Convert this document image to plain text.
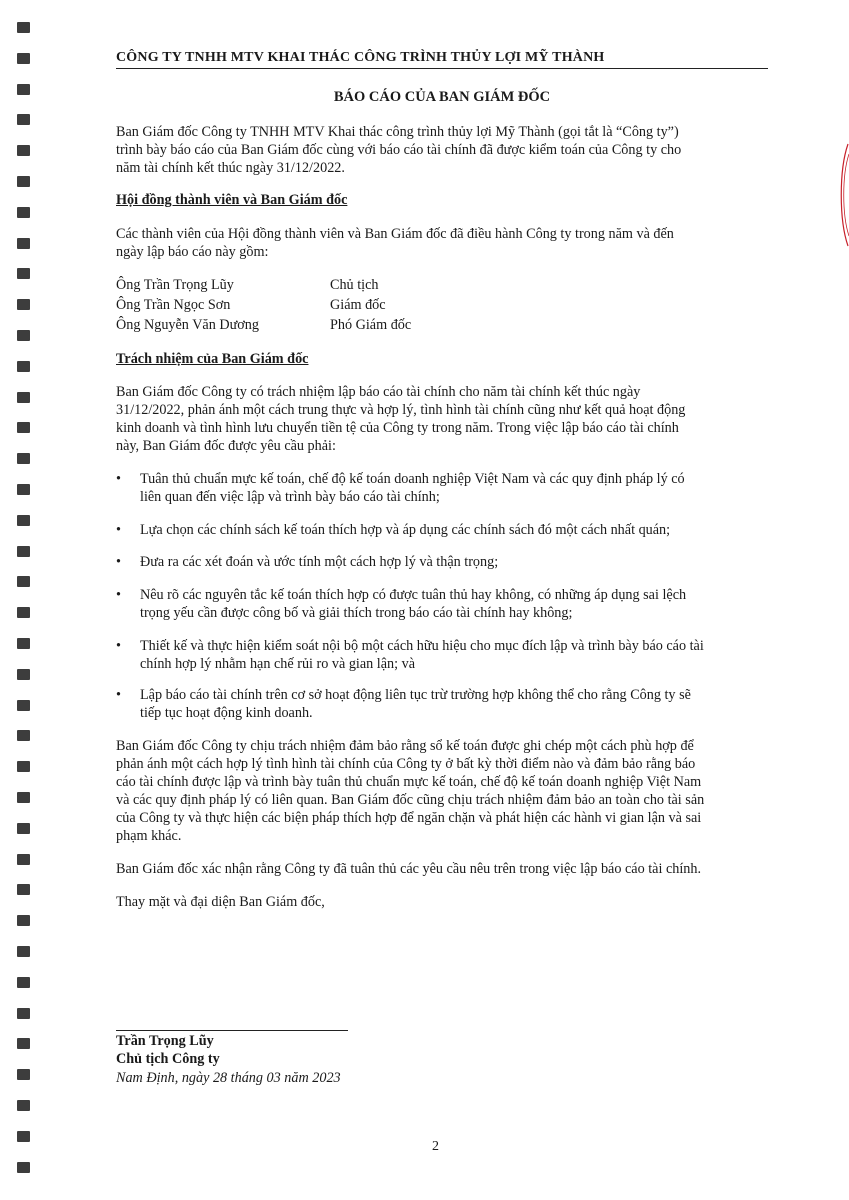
CÔNG TY TNHH MTV KHAI THÁC CÔNG TRÌNH THỦY LỢI MỸ THÀNH
BÁO CÁO CỦA BAN GIÁM ĐỐC

Ban Giám đốc Công ty TNHH MTV Khai thác công trình thủy lợi Mỹ Thành (gọi tắt là “Công ty”)

trình bày báo cáo của Ban Giám đốc cùng với báo cáo tài chính đã được kiểm toán của Công ty cho

năm tài chính kết thúc ngày 31/12/2022.

Hội đồng thành viên và Ban Giám đốc

Các thành viên của Hội đồng thành viên và Ban Giám đốc đã điều hành Công ty trong năm và đến

ngày lập báo cáo này gồm:

Ông Trần Trọng Lũy	Chủ tịch
Ông Trần Ngọc Sơn	Giám đốc
Ông Nguyễn Văn Dương	Phó Giám đốc
Trách nhiệm của Ban Giám đốc

Ban Giám đốc Công ty có trách nhiệm lập báo cáo tài chính cho năm tài chính kết thúc ngày

31/12/2022, phản ánh một cách trung thực và hợp lý, tình hình tài chính cũng như kết quả hoạt động

kinh doanh và tình hình lưu chuyển tiền tệ của Công ty trong năm. Trong việc lập báo cáo tài chính

này, Ban Giám đốc được yêu cầu phải:

• Tuân thủ chuẩn mực kế toán, chế độ kế toán doanh nghiệp Việt Nam và các quy định pháp lý có
liên quan đến việc lập và trình bày báo cáo tài chính;
• Lựa chọn các chính sách kế toán thích hợp và áp dụng các chính sách đó một cách nhất quán;
• Đưa ra các xét đoán và ước tính một cách hợp lý và thận trọng;
• Nêu rõ các nguyên tắc kế toán thích hợp có được tuân thủ hay không, có những áp dụng sai lệch
trọng yếu cần được công bố và giải thích trong báo cáo tài chính hay không;
• Thiết kế và thực hiện kiểm soát nội bộ một cách hữu hiệu cho mục đích lập và trình bày báo cáo tài
chính hợp lý nhằm hạn chế rủi ro và gian lận; và
• Lập báo cáo tài chính trên cơ sở hoạt động liên tục trừ trường hợp không thể cho rằng Công ty sẽ
tiếp tục hoạt động kinh doanh.

Ban Giám đốc Công ty chịu trách nhiệm đảm bảo rằng sổ kế toán được ghi chép một cách phù hợp để

phản ánh một cách hợp lý tình hình tài chính của Công ty ở bất kỳ thời điểm nào và đảm bảo rằng báo

cáo tài chính được lập và trình bày tuân thủ chuẩn mực kế toán, chế độ kế toán doanh nghiệp Việt Nam

và các quy định pháp lý có liên quan. Ban Giám đốc cũng chịu trách nhiệm đảm bảo an toàn cho tài sản

của Công ty và thực hiện các biện pháp thích hợp để ngăn chặn và phát hiện các hành vi gian lận và sai

phạm khác.

Ban Giám đốc xác nhận rằng Công ty đã tuân thủ các yêu cầu nêu trên trong việc lập báo cáo tài chính.

Thay mặt và đại diện Ban Giám đốc,

Trần Trọng Lũy
Chủ tịch Công ty
Nam Định, ngày 28 tháng 03 năm 2023
2
